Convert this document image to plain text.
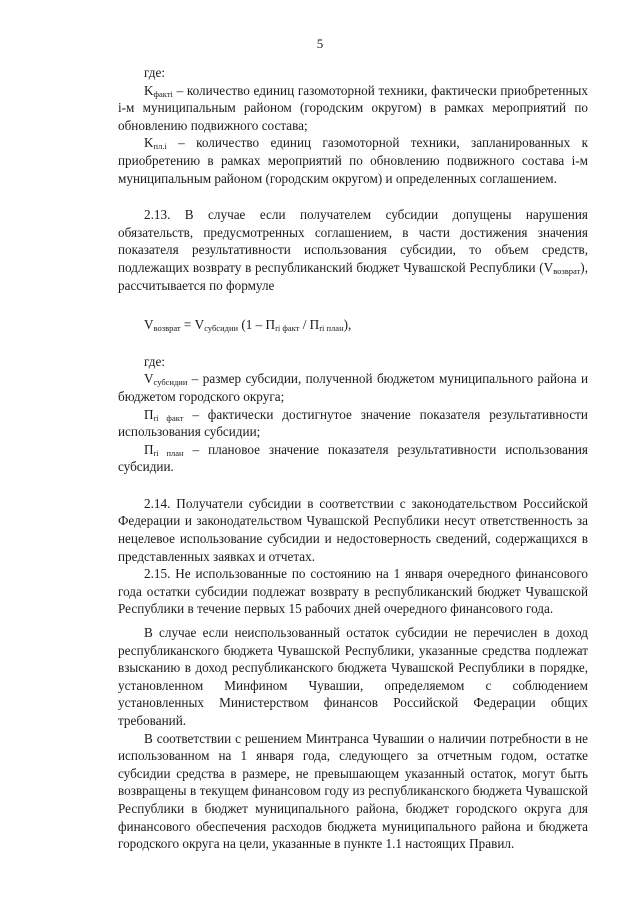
5

где:

$K_{фактi}$ – количество единиц газомоторной техники, фактически приобретенных i-м муниципальным районом (городским округом) в рамках мероприятий по обновлению подвижного состава;

$K_{пл.i}$ – количество единиц газомоторной техники, запланированных к приобретению в рамках мероприятий по обновлению подвижного состава i-м муниципальным районом (городским округом) и определенных соглашением.

2.13. В случае если получателем субсидии допущены нарушения обязательств, предусмотренных соглашением, в части достижения значения показателя результативности использования субсидии, то объем средств, подлежащих возврату в республиканский бюджет Чувашской Республики $(V_{возврат})$, рассчитывается по формуле

$V_{возврат} = V_{субсидии}$ $(1 - П_{ri факт} / П_{ri план})$,

где:

$V_{субсидии}$ – размер субсидии, полученной бюджетом муниципального района и бюджетом городского округа;

$П_{ri факт}$ – фактически достигнутое значение показателя результативности использования субсидии;

$П_{ri план}$ – плановое значение показателя результативности использования субсидии.

2.14. Получатели субсидии в соответствии с законодательством Российской Федерации и законодательством Чувашской Республики несут ответственность за нецелевое использование субсидии и недостоверность сведений, содержащихся в представленных заявках и отчетах.

2.15. Не использованные по состоянию на 1 января очередного финансового года остатки субсидии подлежат возврату в республиканский бюджет Чувашской Республики в течение первых 15 рабочих дней очередного финансового года.

В случае если неиспользованный остаток субсидии не перечислен в доход республиканского бюджета Чувашской Республики, указанные средства подлежат взысканию в доход республиканского бюджета Чувашской Республики в порядке, установленном Минфином Чувашии, определяемом с соблюдением установленных Министерством финансов Российской Федерации общих требований.

В соответствии с решением Минтранса Чувашии о наличии потребности в не использованном на 1 января года, следующего за отчетным годом, остатке субсидии средства в размере, не превышающем указанный остаток, могут быть возвращены в текущем финансовом году из республиканского бюджета Чувашской Республики в бюджет муниципального района, бюджет городского округа для финансового обеспечения расходов бюджета муниципального района и бюджета городского округа на цели, указанные в пункте 1.1 настоящих Правил.
